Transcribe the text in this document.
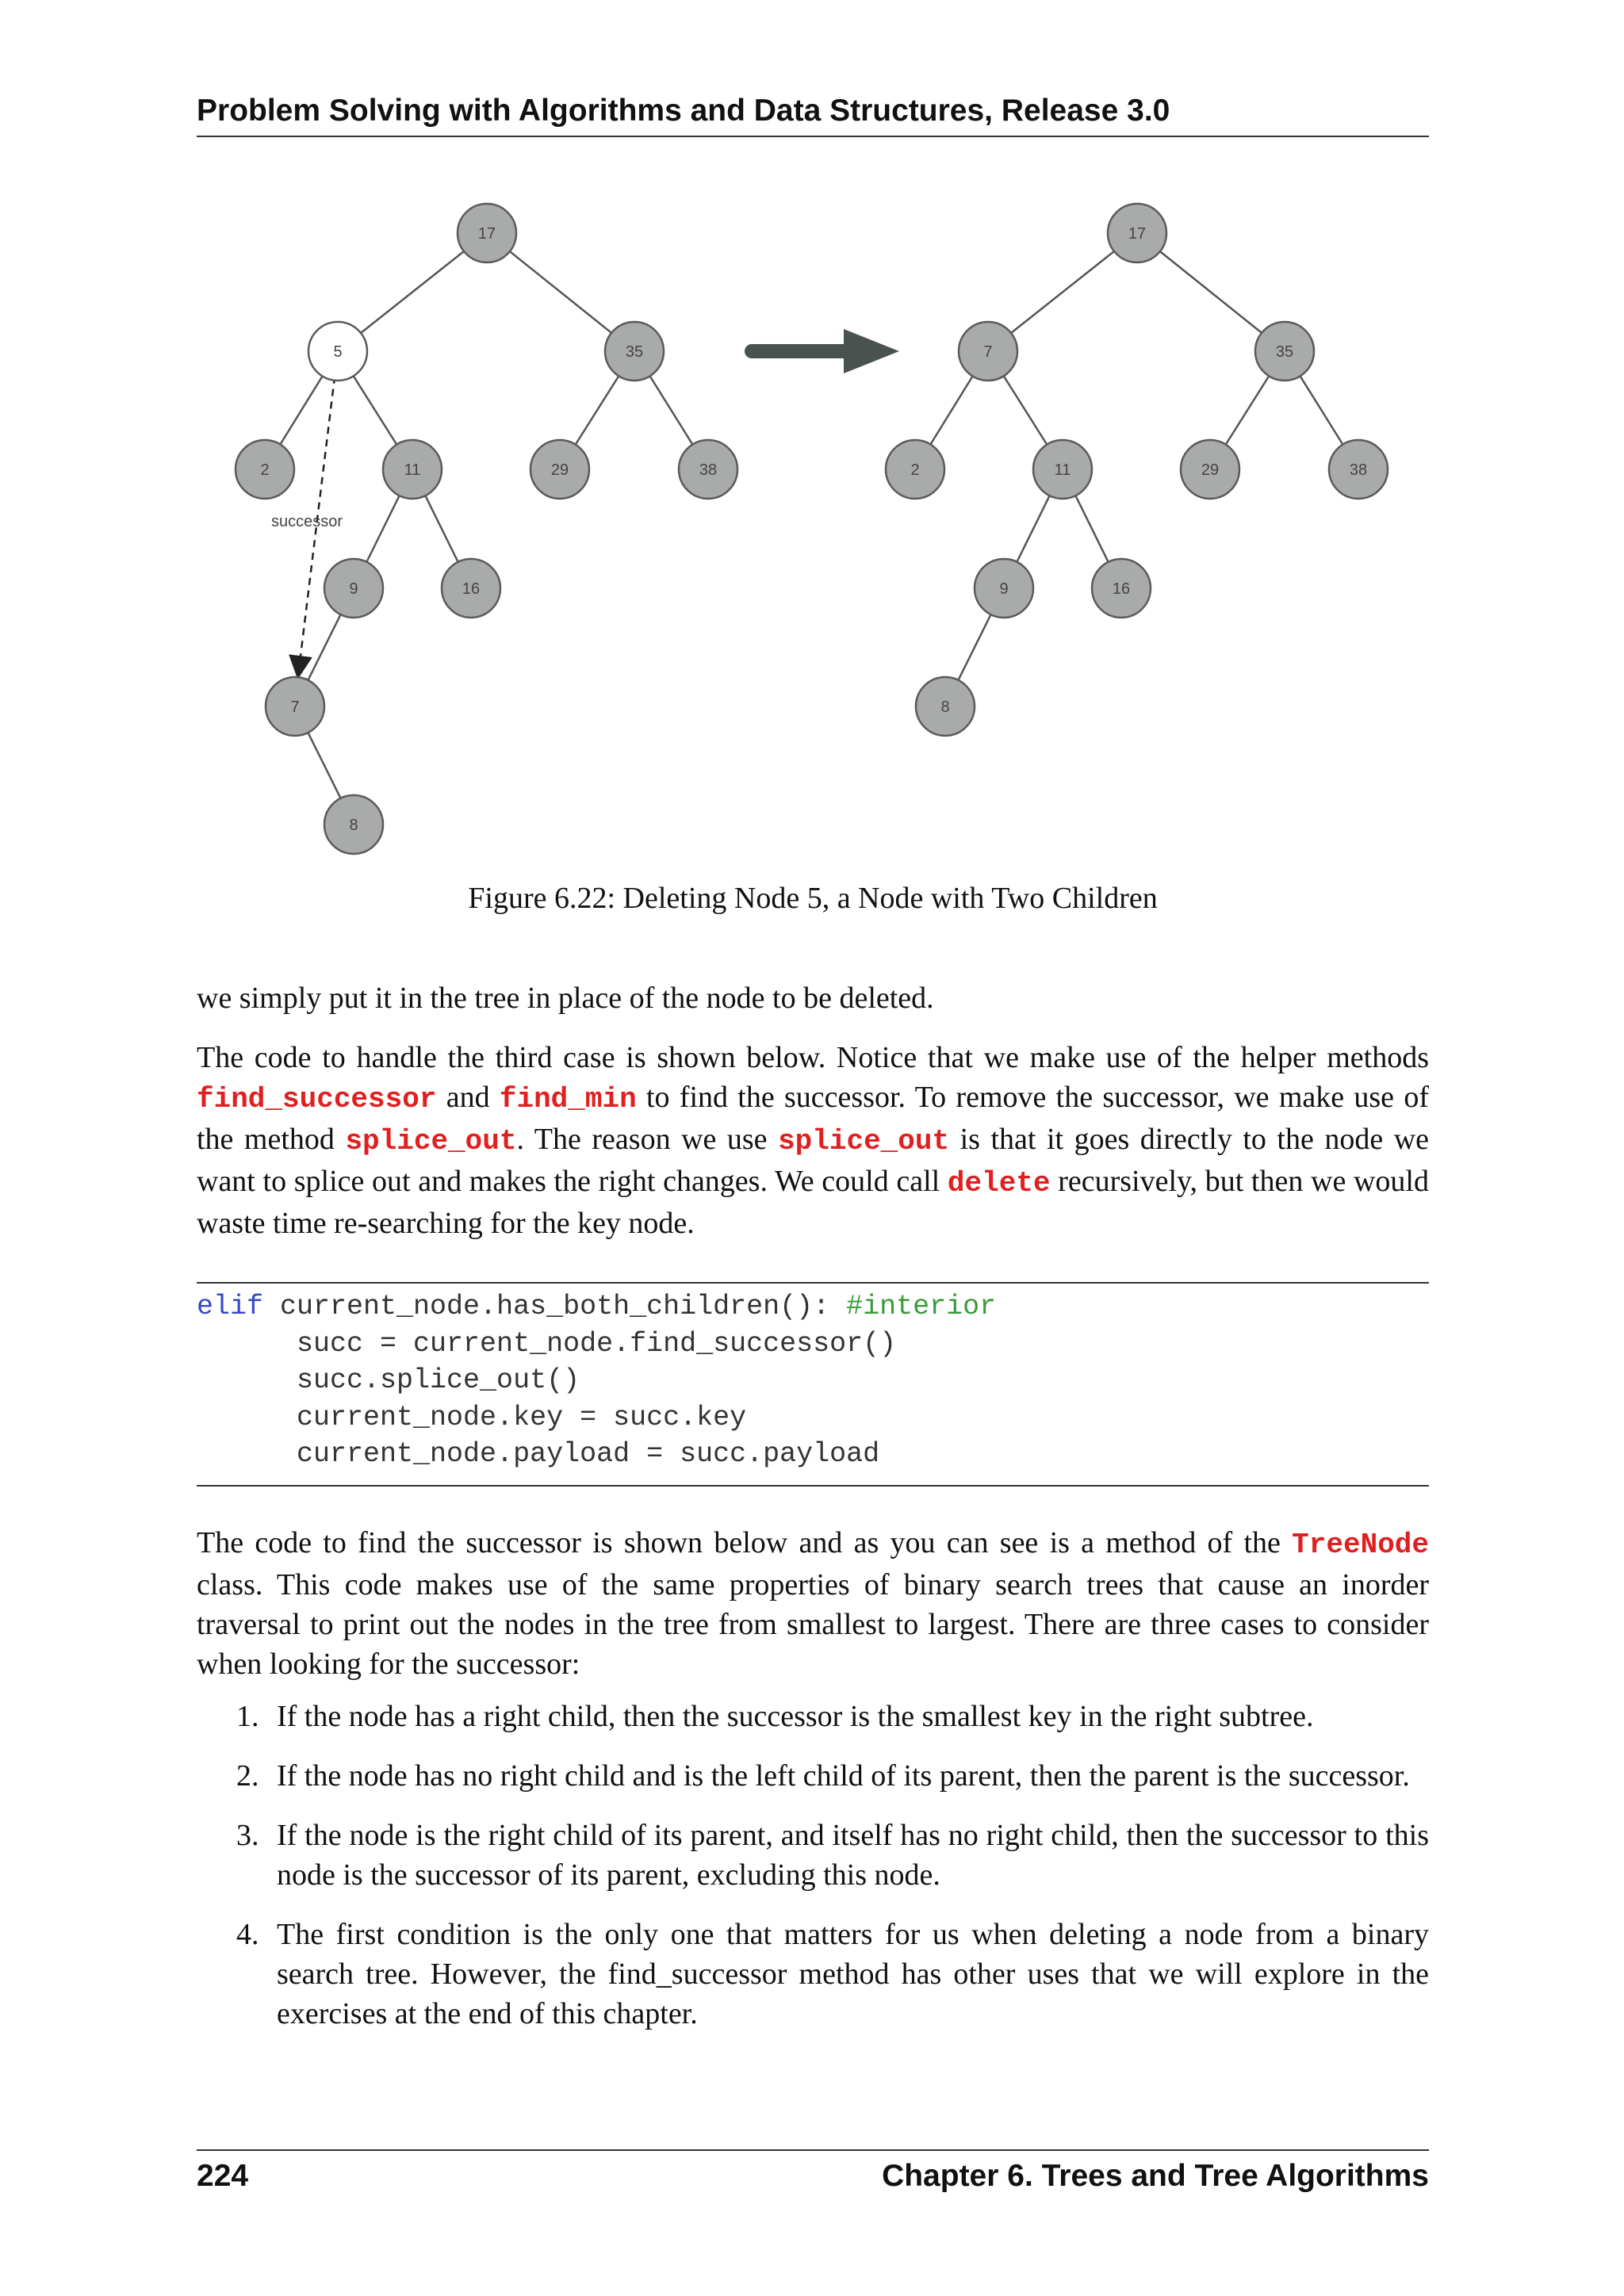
Problem Solving with Algorithms and Data Structures, Release 3.0
successor
17
5	35
2	11	29	38
9	16
7
8
17
7	35
2	11	29	38
9	16
8
Figure 6.22: Deleting Node 5, a Node with Two Children

we simply put it in the tree in place of the node to be deleted.

The code to handle the third case is shown below. Notice that we make use of the helper methods find_successor and find_min to find the successor. To remove the successor, we make use of the method splice_out. The reason we use splice_out is that it goes directly to the node we want to splice out and makes the right changes. We could call delete recursively, but then we would waste time re-searching for the key node.

elif current_node.has_both_children(): #interior
succ = current_node.find_successor()
succ.splice_out()
current_node.key = succ.key
current_node.payload = succ.payload

The code to find the successor is shown below and as you can see is a method of the TreeNode class. This code makes use of the same properties of binary search trees that cause an inorder traversal to print out the nodes in the tree from smallest to largest. There are three cases to consider when looking for the successor:

1. If the node has a right child, then the successor is the smallest key in the right subtree.
2. If the node has no right child and is the left child of its parent, then the parent is the successor.
3. If the node is the right child of its parent, and itself has no right child, then the successor to this node is the successor of its parent, excluding this node.
4. The first condition is the only one that matters for us when deleting a node from a binary search tree. However, the find_successor method has other uses that we will explore in the exercises at the end of this chapter.
224	Chapter 6. Trees and Tree Algorithms
